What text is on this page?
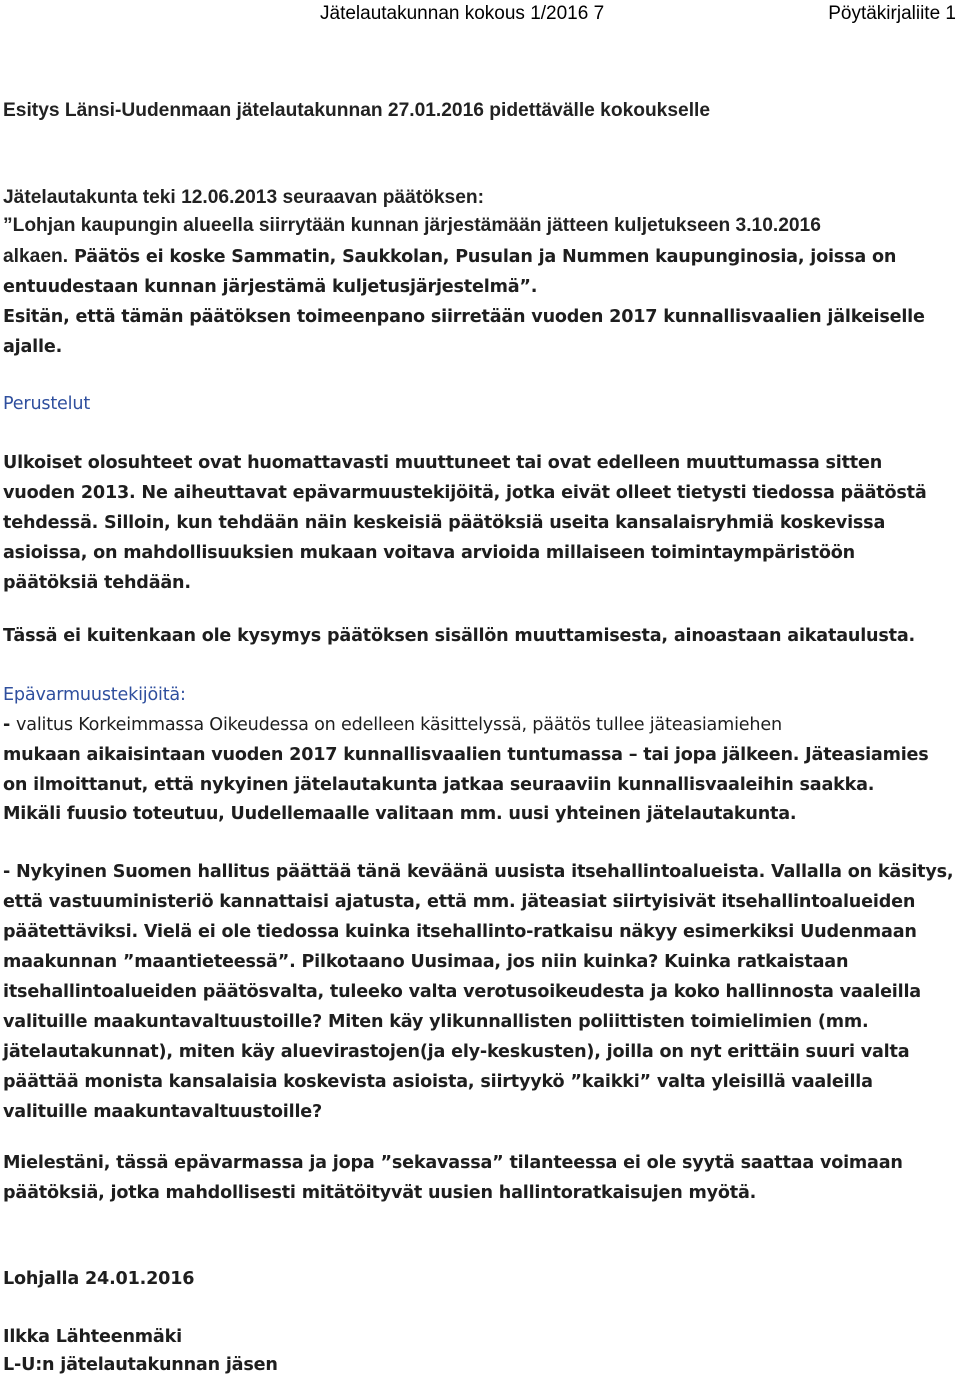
Jätelautakunnan kokous 1/2016 7	Pöytäkirjaliite 1
Esitys Länsi-Uudenmaan jätelautakunnan 27.01.2016 pidettävälle kokoukselle
Jätelautakunta teki 12.06.2013 seuraavan päätöksen:
”Lohjan kaupungin alueella siirrytään kunnan järjestämään jätteen kuljetukseen 3.10.2016
alkaen. Päätös ei koske Sammatin, Saukkolan, Pusulan ja Nummen kaupunginosia, joissa on
entuudestaan kunnan järjestämä kuljetusjärjestelmä”.

Esitän, että tämän päätöksen toimeenpano siirretään vuoden 2017 kunnallisvaalien jälkeiselle ajalle.

Perustelut

Ulkoiset olosuhteet ovat huomattavasti muuttuneet tai ovat edelleen muuttumassa sitten vuoden 2013. Ne aiheuttavat epävarmuustekijöitä, jotka eivät olleet tietysti tiedossa päätöstä tehdessä. Silloin, kun tehdään näin keskeisiä päätöksiä useita kansalaisryhmiä koskevissa asioissa, on mahdollisuuksien mukaan voitava arvioida millaiseen toimintaympäristöön päätöksiä tehdään.

Tässä ei kuitenkaan ole kysymys päätöksen sisällön muuttamisesta, ainoastaan aikataulusta.

Epävarmuustekijöitä:
- valitus Korkeimmassa Oikeudessa on edelleen käsittelyssä, päätös tullee jäteasiamiehen

mukaan aikaisintaan vuoden 2017 kunnallisvaalien tuntumassa – tai jopa jälkeen. Jäteasiamies on ilmoittanut, että nykyinen jätelautakunta jatkaa seuraaviin kunnallisvaaleihin saakka.

Mikäli fuusio toteutuu, Uudellemaalle valitaan mm. uusi yhteinen jätelautakunta.

- Nykyinen Suomen hallitus päättää tänä keväänä uusista itsehallintoalueista. Vallalla on käsitys, että vastuuministeriö kannattaisi ajatusta, että mm. jäteasiat siirtyisivät itsehallintoalueiden päätettäviksi. Vielä ei ole tiedossa kuinka itsehallinto-ratkaisu näkyy esimerkiksi Uudenmaan maakunnan ”maantieteessä”. Pilkotaano Uusimaa, jos niin kuinka? Kuinka ratkaistaan itsehallintoalueiden päätösvalta, tuleeko valta verotusoikeudesta ja koko hallinnosta vaaleilla valituille maakuntavaltuustoille? Miten käy ylikunnallisten poliittisten toimielimien (mm. jätelautakunnat), miten käy aluevirastojen(ja ely-keskusten), joilla on nyt erittäin suuri valta päättää monista kansalaisia koskevista asioista, siirtyykö ”kaikki” valta yleisillä vaaleilla valituille maakuntavaltuustoille?

Mielestäni, tässä epävarmassa ja jopa ”sekavassa” tilanteessa ei ole syytä saattaa voimaan päätöksiä, jotka mahdollisesti mitätöityvät uusien hallintoratkaisujen myötä.

Lohjalla 24.01.2016
Ilkka Lähteenmäki
L-U:n jätelautakunnan jäsen
